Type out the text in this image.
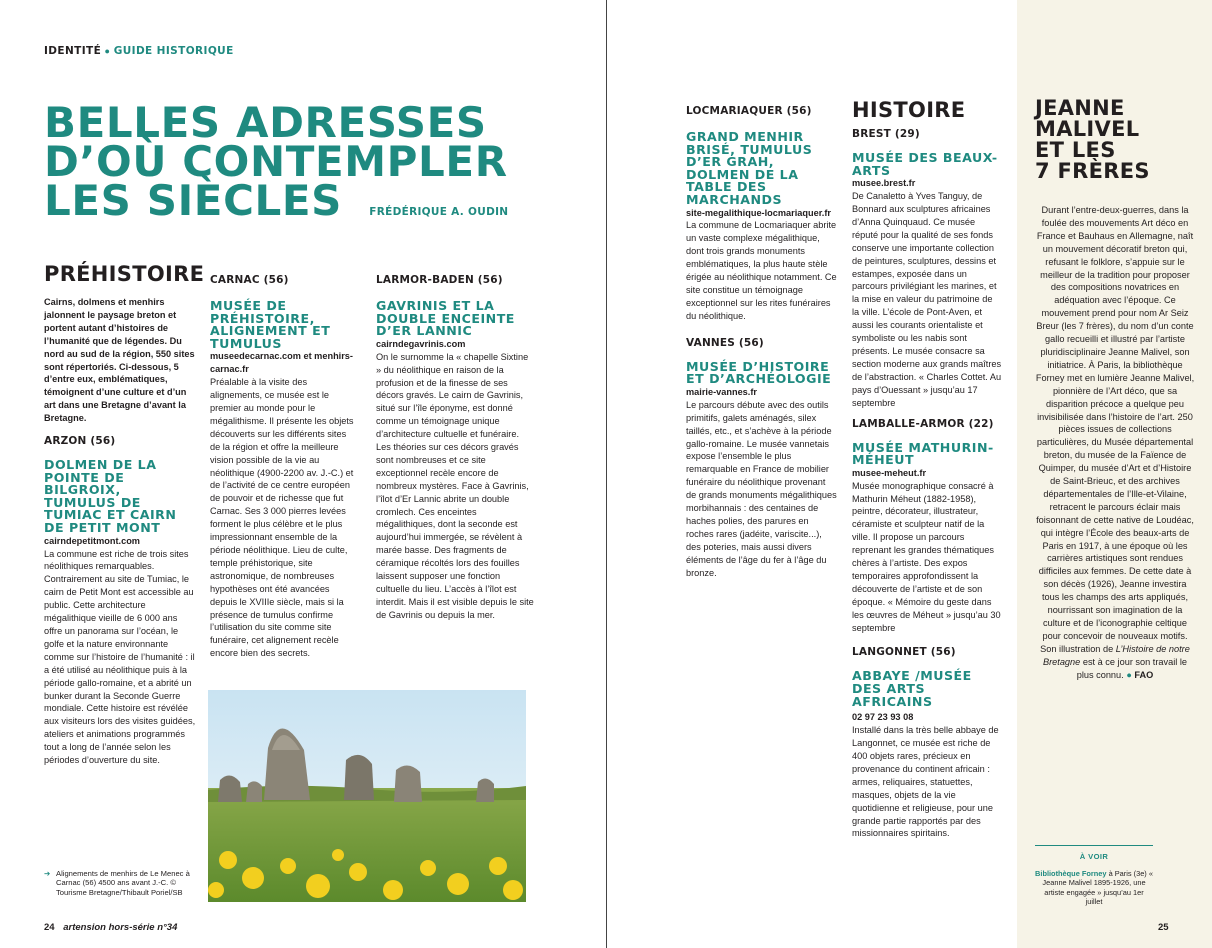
IDENTITÉ ● GUIDE HISTORIQUE
BELLES ADRESSES
D’OÙ CONTEMPLER
LES SIÈCLES	FRÉDÉRIQUE A. OUDIN
PRÉHISTOIRE

Cairns, dolmens et menhirs jalonnent le paysage breton et portent autant d’histoires de l’humanité que de légendes. Du nord au sud de la région, 550 sites sont répertoriés. Ci-dessous, 5 d’entre eux, emblématiques, témoignent d’une culture et d’un art dans une Bretagne d’avant la Bretagne.

ARZON (56)
DOLMEN DE LA POINTE DE BILGROIX, TUMULUS DE TUMIAC ET CAIRN DE PETIT MONT
cairndepetitmont.com

La commune est riche de trois sites néolithiques remarquables. Contrairement au site de Tumiac, le cairn de Petit Mont est accessible au public. Cette architecture mégalithique vieille de 6 000 ans offre un panorama sur l’océan, le golfe et la nature environnante comme sur l’histoire de l’humanité : il a été utilisé au néolithique puis à la période gallo-romaine, et a abrité un bunker durant la Seconde Guerre mondiale. Cette histoire est révélée aux visiteurs lors des visites guidées, ateliers et animations programmés tout a long de l’année selon les périodes d’ouverture du site.

CARNAC (56)
MUSÉE DE PRÉHISTOIRE, ALIGNEMENT ET TUMULUS
museedecarnac.com et menhirs-carnac.fr

Préalable à la visite des alignements, ce musée est le premier au monde pour le mégalithisme. Il présente les objets découverts sur les différents sites de la région et offre la meilleure vision possible de la vie au néolithique (4900-2200 av. J.-C.) et de l’activité de ce centre européen de pouvoir et de richesse que fut Carnac. Ses 3 000 pierres levées forment le plus célèbre et le plus impressionnant ensemble de la période néolithique. Lieu de culte, temple préhistorique, site astronomique, de nombreuses hypothèses ont été avancées depuis le XVIIIe siècle, mais si la présence de tumulus confirme l’utilisation du site comme site funéraire, cet alignement recèle encore bien des secrets.

LARMOR-BADEN (56)
GAVRINIS ET LA DOUBLE ENCEINTE D’ER LANNIC
cairndegavrinis.com

On le surnomme la « chapelle Sixtine » du néolithique en raison de la profusion et de la finesse de ses décors gravés. Le cairn de Gavrinis, situé sur l’île éponyme, est donné comme un témoignage unique d’architecture cultuelle et funéraire. Les théories sur ces décors gravés sont nombreuses et ce site exceptionnel recèle encore de nombreux mystères. Face à Gavrinis, l’îlot d’Er Lannic abrite un double cromlech. Ces enceintes mégalithiques, dont la seconde est aujourd’hui immergée, se révèlent à marée basse. Des fragments de céramique récoltés lors des fouilles laissent supposer une fonction cultuelle du lieu. L’accès à l’îlot est interdit. Mais il est visible depuis le site de Gavrinis ou depuis la mer.

➔ Alignements de menhirs de Le Menec à Carnac (56) 4500 ans avant J.-C. © Tourisme Bretagne/Thibault Poriel/SB

24 artension hors-série n°34
LOCMARIAQUER (56)
GRAND MENHIR BRISÉ, TUMULUS D’ER GRAH, DOLMEN DE LA TABLE DES MARCHANDS
site-megalithique-locmariaquer.fr

La commune de Locmariaquer abrite un vaste complexe mégalithique, dont trois grands monuments emblématiques, la plus haute stèle érigée au néolithique notamment. Ce site constitue un témoignage exceptionnel sur les rites funéraires du néolithique.

VANNES (56)
MUSÉE D’HISTOIRE ET D’ARCHÉOLOGIE
mairie-vannes.fr

Le parcours débute avec des outils primitifs, galets aménagés, silex taillés, etc., et s’achève à la période gallo-romaine. Le musée vannetais expose l’ensemble le plus remarquable en France de mobilier funéraire du néolithique provenant de grands monuments mégalithiques morbihannais : des centaines de haches polies, des parures en roches rares (jadéite, variscite...), des poteries, mais aussi divers éléments de l’âge du fer à l’âge du bronze.

HISTOIRE
BREST (29)
MUSÉE DES BEAUX-ARTS
musee.brest.fr

De Canaletto à Yves Tanguy, de Bonnard aux sculptures africaines d’Anna Quinquaud. Ce musée réputé pour la qualité de ses fonds conserve une importante collection de peintures, sculptures, dessins et estampes, exposée dans un parcours privilégiant les marines, et la mise en valeur du patrimoine de la ville. L’école de Pont-Aven, et aussi les courants orientaliste et symboliste ou les nabis sont présents. Le musée consacre sa section moderne aux grands maîtres de l’abstraction. « Charles Cottet. Au pays d’Ouessant » jusqu’au 17 septembre

LAMBALLE-ARMOR (22)
MUSÉE MATHURIN-MÉHEUT
musee-meheut.fr

Musée monographique consacré à Mathurin Méheut (1882-1958), peintre, décorateur, illustrateur, céramiste et sculpteur natif de la ville. Il propose un parcours reprenant les grandes thématiques chères à l’artiste. Des expos temporaires approfondissent la découverte de l’artiste et de son époque. « Mémoire du geste dans les œuvres de Méheut » jusqu’au 30 septembre

LANGONNET (56)
ABBAYE /MUSÉE DES ARTS AFRICAINS
02 97 23 93 08

Installé dans la très belle abbaye de Langonnet, ce musée est riche de 400 objets rares, précieux en provenance du continent africain : armes, reliquaires, statuettes, masques, objets de la vie quotidienne et religieuse, pour une grande partie rapportés par des missionnaires spiritains.

JEANNE
MALIVEL
ET LES
7 FRÈRES

Durant l’entre-deux-guerres, dans la foulée des mouvements Art déco en France et Bauhaus en Allemagne, naît un mouvement décoratif breton qui, refusant le folklore, s’appuie sur le meilleur de la tradition pour proposer des compositions novatrices en adéquation avec l’époque. Ce mouvement prend pour nom Ar Seiz Breur (les 7 frères), du nom d’un conte gallo recueilli et illustré par l’artiste pluridisciplinaire Jeanne Malivel, son initiatrice. À Paris, la bibliothèque Forney met en lumière Jeanne Malivel, pionnière de l’Art déco, que sa disparition précoce a quelque peu invisibilisée dans l’histoire de l’art. 250 pièces issues de collections particulières, du Musée départemental breton, du musée de la Faïence de Quimper, du musée d’Art et d’Histoire de Saint-Brieuc, et des archives départementales de l’Ille-et-Vilaine, retracent le parcours éclair mais foisonnant de cette native de Loudéac, qui intègre l’École des beaux-arts de Paris en 1917, à une époque où les carrières artistiques sont rendues difficiles aux femmes. De cette date à son décès (1926), Jeanne investira tous les champs des arts appliqués, nourrissant son imagination de la culture et de l’iconographie celtique pour concevoir de nouveaux motifs. Son illustration de L’Histoire de notre Bretagne est à ce jour son travail le plus connu. ● FAO

À VOIR
Bibliothèque Forney à Paris (3e) « Jeanne Malivel 1895-1926, une artiste engagée » jusqu’au 1er juillet
25
